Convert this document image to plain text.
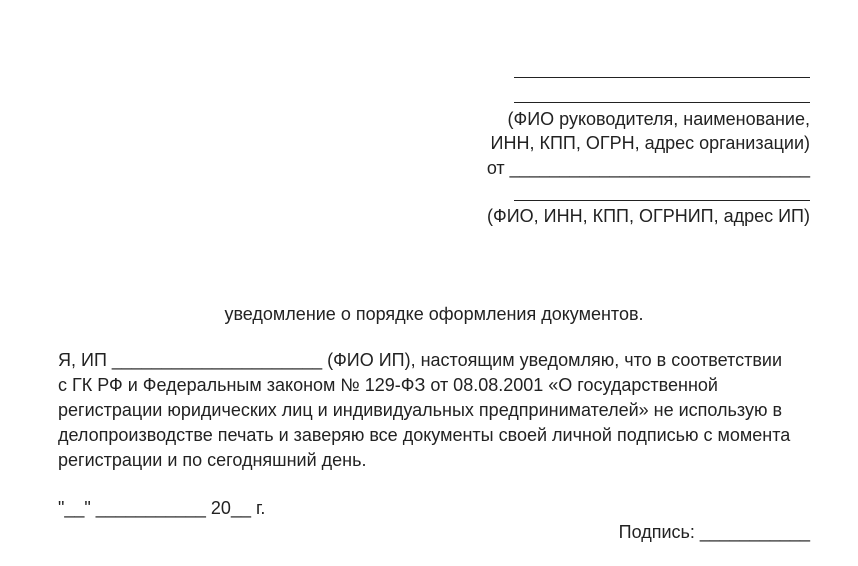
(ФИО руководителя, наименование,
ИНН, КПП, ОГРН, адрес организации)
от ______________________________
(ФИО, ИНН, КПП, ОГРНИП, адрес ИП)
уведомление о порядке оформления документов.
Я, ИП _____________________ (ФИО ИП), настоящим уведомляю, что в соответствии
с ГК РФ и Федеральным законом № 129-ФЗ от 08.08.2001 «О государственной
регистрации юридических лиц и индивидуальных предпринимателей» не использую в
делопроизводстве печать и заверяю все документы своей личной подписью с момента
регистрации и по сегодняшний день.
"__" ___________ 20__ г.
Подпись: ___________
